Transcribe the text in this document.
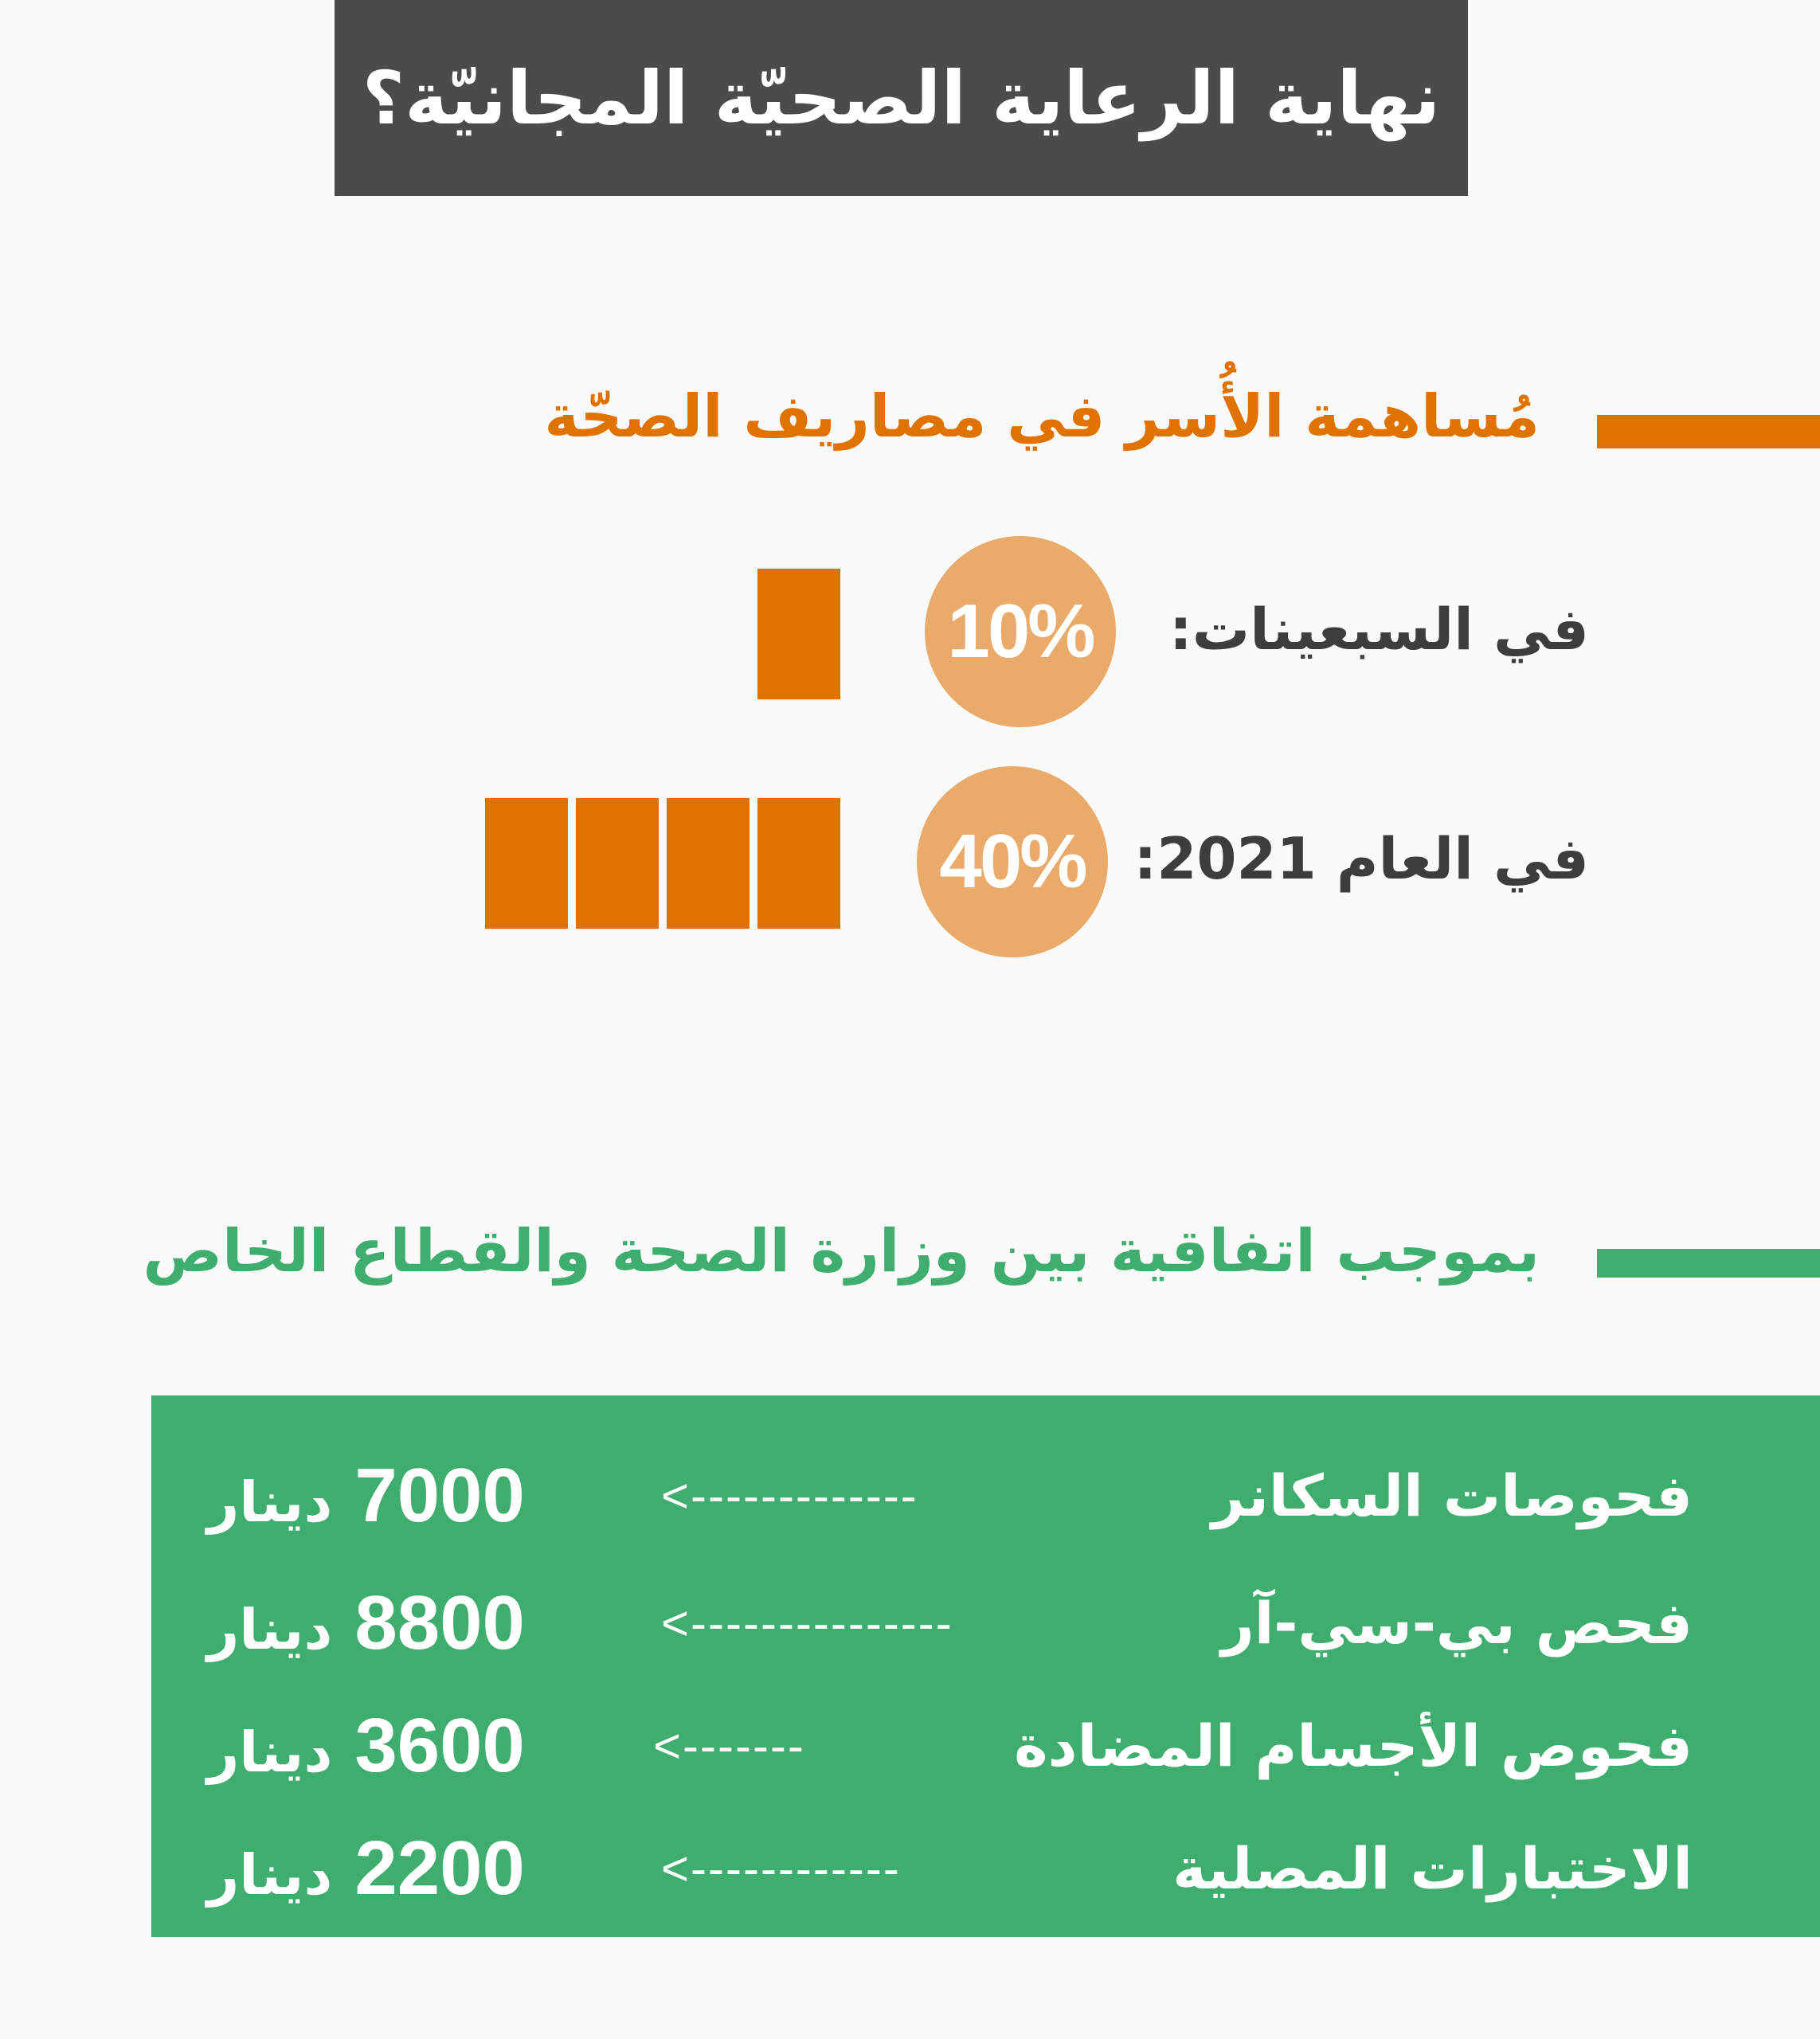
نهاية الرعاية الصحيّة المجانيّة؟
مُساهمة الأُسر في مصاريف الصحّة
في السبعينات:
10%
في العام 2021:
40%
بموجب اتفاقية بين وزارة الصحة والقطاع الخاص
فحوصات السكانر
<-------------
7000
دينار
فحص بي-سي-آر
<---------------
8800
دينار
فحوص الأجسام المضادة
<-------
3600
دينار
الاختبارات المصلية
<------------
2200
دينار
